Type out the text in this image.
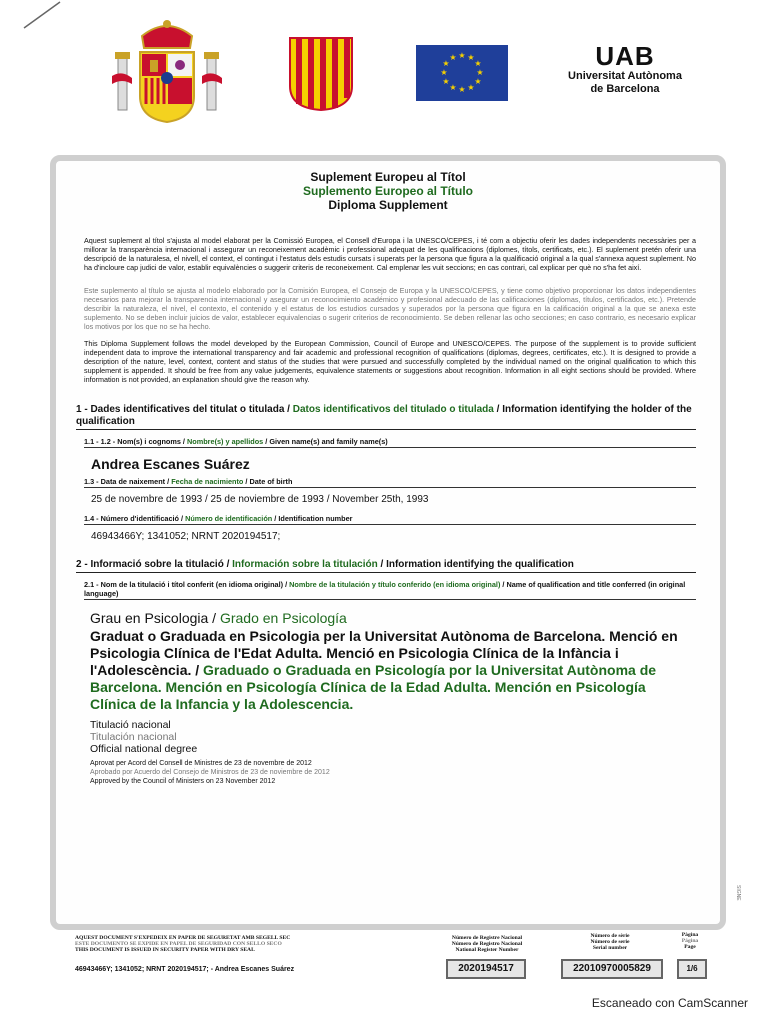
★ ★
★
★
★
★
★
★
★
★
★
★	UAB
Universitat Autònoma
de Barcelona
Suplement Europeu al Títol
Suplemento Europeo al Título
Diploma Supplement
Aquest suplement al títol s'ajusta al model elaborat per la Comissió Europea, el Consell d'Europa i la UNESCO/CEPES, i té com a objectiu oferir les dades independents necessàries per a millorar la transparència internacional i assegurar un reconeixement acadèmic i professional adequat de les qualificacions (diplomes, títols, certificats, etc.). El suplement pretén oferir una descripció de la naturalesa, el nivell, el context, el contingut i l'estatus dels estudis cursats i superats per la persona que figura a la qualificació original a la qual s'annexa aquest suplement. No ha d'incloure cap judici de valor, establir equivalències o suggerir criteris de reconeixement. Cal emplenar les vuit seccions; en cas contrari, cal explicar per què no s'ha fet així.
Este suplemento al título se ajusta al modelo elaborado por la Comisión Europea, el Consejo de Europa y la UNESCO/CEPES, y tiene como objetivo proporcionar los datos independientes necesarios para mejorar la transparencia internacional y asegurar un reconocimiento académico y profesional adecuado de las calificaciones (diplomas, títulos, certificados, etc.). Pretende describir la naturaleza, el nivel, el contexto, el contenido y el estatus de los estudios cursados y superados por la persona que figura en la calificación original a la que se anexa este suplemento. No se deben incluir juicios de valor, establecer equivalencias o sugerir criterios de reconocimiento. Se deben rellenar las ocho secciones; en caso contrario, es necesario explicar los motivos por los que no se ha hecho.
This Diploma Supplement follows the model developed by the European Commission, Council of Europe and UNESCO/CEPES. The purpose of the supplement is to provide sufficient independent data to improve the international transparency and fair academic and professional recognition of qualifications (diplomas, degrees, certificates, etc.). It is designed to provide a description of the nature, level, context, content and status of the studies that were pursued and successfully completed by the individual named on the original qualification to which this supplement is appended. It should be free from any value judgements, equivalence statements or suggestions about recognition. Information in all eight sections should be provided. Where information is not provided, an explanation should give the reason why.
1 - Dades identificatives del titulat o titulada / Datos identificativos del titulado o titulada / Information identifying the holder of the qualification
1.1 - 1.2 - Nom(s) i cognoms / Nombre(s) y apellidos / Given name(s) and family name(s)
Andrea Escanes Suárez
1.3 - Data de naixement / Fecha de nacimiento / Date of birth
25 de novembre de 1993 / 25 de noviembre de 1993 / November 25th, 1993
1.4 - Número d'identificació / Número de identificación / Identification number
46943466Y; 1341052; NRNT 2020194517;
2 - Informació sobre la titulació / Información sobre la titulación / Information identifying the qualification
2.1 - Nom de la titulació i títol conferit (en idioma original) / Nombre de la titulación y título conferido (en idioma original) / Name of qualification and title conferred (in original language)
Grau en Psicologia / Grado en Psicología
Graduat o Graduada en Psicologia per la Universitat Autònoma de Barcelona. Menció en Psicologia Clínica de l'Edat Adulta. Menció en Psicologia Clínica de la Infància i l'Adolescència. / Graduado o Graduada en Psicología por la Universitat Autònoma de Barcelona. Mención en Psicología Clínica de la Edad Adulta. Mención en Psicología Clínica de la Infancia y la Adolescencia.
Titulació nacional
Titulación nacional
Official national degree
Aprovat per Acord del Consell de Ministres de 23 de novembre de 2012
Aprobado por Acuerdo del Consejo de Ministros de 23 de noviembre de 2012
Approved by the Council of Ministers on 23 November 2012
SIGNE
AQUEST DOCUMENT S'EXPEDEIX EN PAPER DE SEGURETAT AMB SEGELL SEC
ESTE DOCUMENTO SE EXPIDE EN PAPEL DE SEGURIDAD CON SELLO SECO
THIS DOCUMENT IS ISSUED IN SECURITY PAPER WITH DRY SEAL
46943466Y; 1341052; NRNT 2020194517; - Andrea Escanes Suárez
Número de Registre Nacional
Número de Registro Nacional
National Register Number
2020194517
Número de sèrie
Número de serie
Serial number
22010970005829
Pàgina
Página
Page
1/6
Escaneado con CamScanner
